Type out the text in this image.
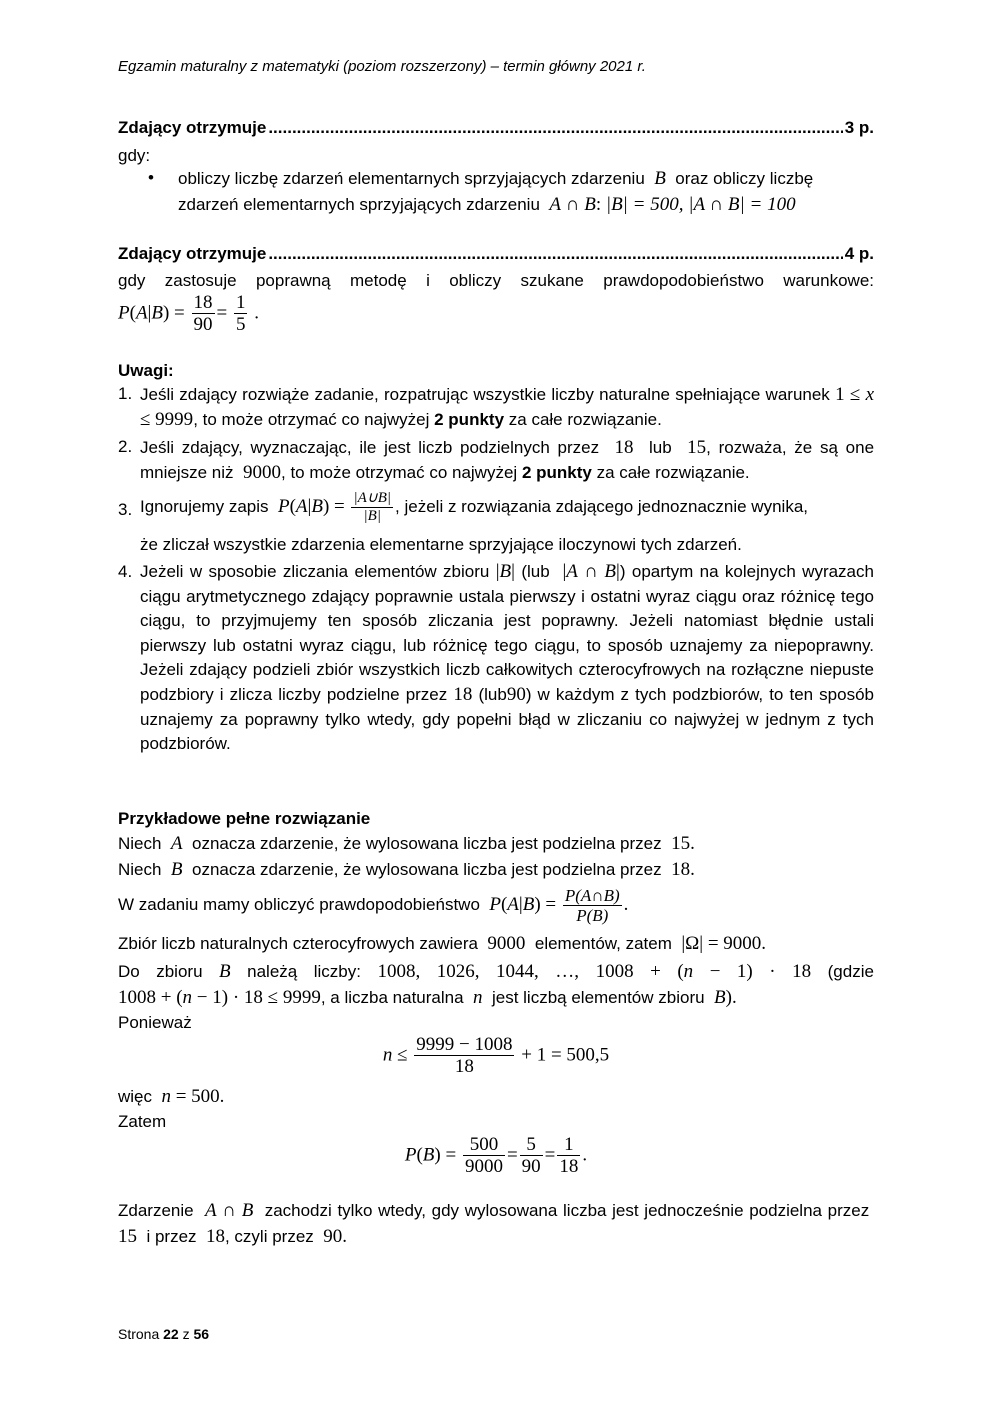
Egzamin maturalny z matematyki (poziom rozszerzony) – termin główny 2021 r.
Zdający otrzymuje .....	3 p.
gdy:
• obliczy liczbę zdarzeń elementarnych sprzyjających zdarzeniu B oraz obliczy liczbę zdarzeń elementarnych sprzyjających zdarzeniu A ∩ B: |B| = 500, |A ∩ B| = 100
Zdający otrzymuje .....	4 p.
gdy zastosuje poprawną metodę i obliczy szukane prawdopodobieństwo warunkowe:
$P(A|B) = \frac{18}{90} = \frac{1}{5}$ .
Uwagi:
1. Jeśli zdający rozwiąże zadanie, rozpatrując wszystkie liczby naturalne spełniające warunek 1 ≤ x ≤ 9999, to może otrzymać co najwyżej 2 punkty za całe rozwiązanie.
2. Jeśli zdający, wyznaczając, ile jest liczb podzielnych przez 18 lub 15, rozważa, że są one mniejsze niż 9000, to może otrzymać co najwyżej 2 punkty za całe rozwiązanie.
3. Ignorujemy zapis $P(A|B) = \frac{|A\cup B|}{|B|}$ , jeżeli z rozwiązania zdającego jednoznacznie wynika,
że zliczał wszystkie zdarzenia elementarne sprzyjające iloczynowi tych zdarzeń.
4. Jeżeli w sposobie zliczania elementów zbioru |B| (lub |A ∩ B|) opartym na kolejnych wyrazach ciągu arytmetycznego zdający poprawnie ustala pierwszy i ostatni wyraz ciągu oraz różnicę tego ciągu, to przyjmujemy ten sposób zliczania jest poprawny. Jeżeli natomiast błędnie ustali pierwszy lub ostatni wyraz ciągu, lub różnicę tego ciągu, to sposób uznajemy za niepoprawny. Jeżeli zdający podzieli zbiór wszystkich liczb całkowitych czterocyfrowych na rozłączne niepuste podzbiory i zlicza liczby podzielne przez 18 (lub90) w każdym z tych podzbiorów, to ten sposób uznajemy za poprawny tylko wtedy, gdy popełni błąd w zliczaniu co najwyżej w jednym z tych podzbiorów.
Przykładowe pełne rozwiązanie
Niech A oznacza zdarzenie, że wylosowana liczba jest podzielna przez 15.
Niech B oznacza zdarzenie, że wylosowana liczba jest podzielna przez 18.
W zadaniu mamy obliczyć prawdopodobieństwo $P(A|B) = \frac{P(A\cap B)}{P(B)}$ .
Zbiór liczb naturalnych czterocyfrowych zawiera 9000 elementów, zatem |Ω| = 9000.
Do zbioru B należą liczby: 1008, 1026, 1044, …, 1008 + (n − 1) · 18 (gdzie
1008 + (n − 1) · 18 ≤ 9999, a liczba naturalna n jest liczbą elementów zbioru B).
Ponieważ
$n \le \frac{9999 - 1008}{18} + 1 = 500,5$
więc n = 500.
Zatem
$P(B) = \frac{500}{9000} = \frac{5}{90} = \frac{1}{18}$ .
Zdarzenie A ∩ B zachodzi tylko wtedy, gdy wylosowana liczba jest jednocześnie podzielna przez  15 i przez 18, czyli przez 90.
Strona 22 z 56
